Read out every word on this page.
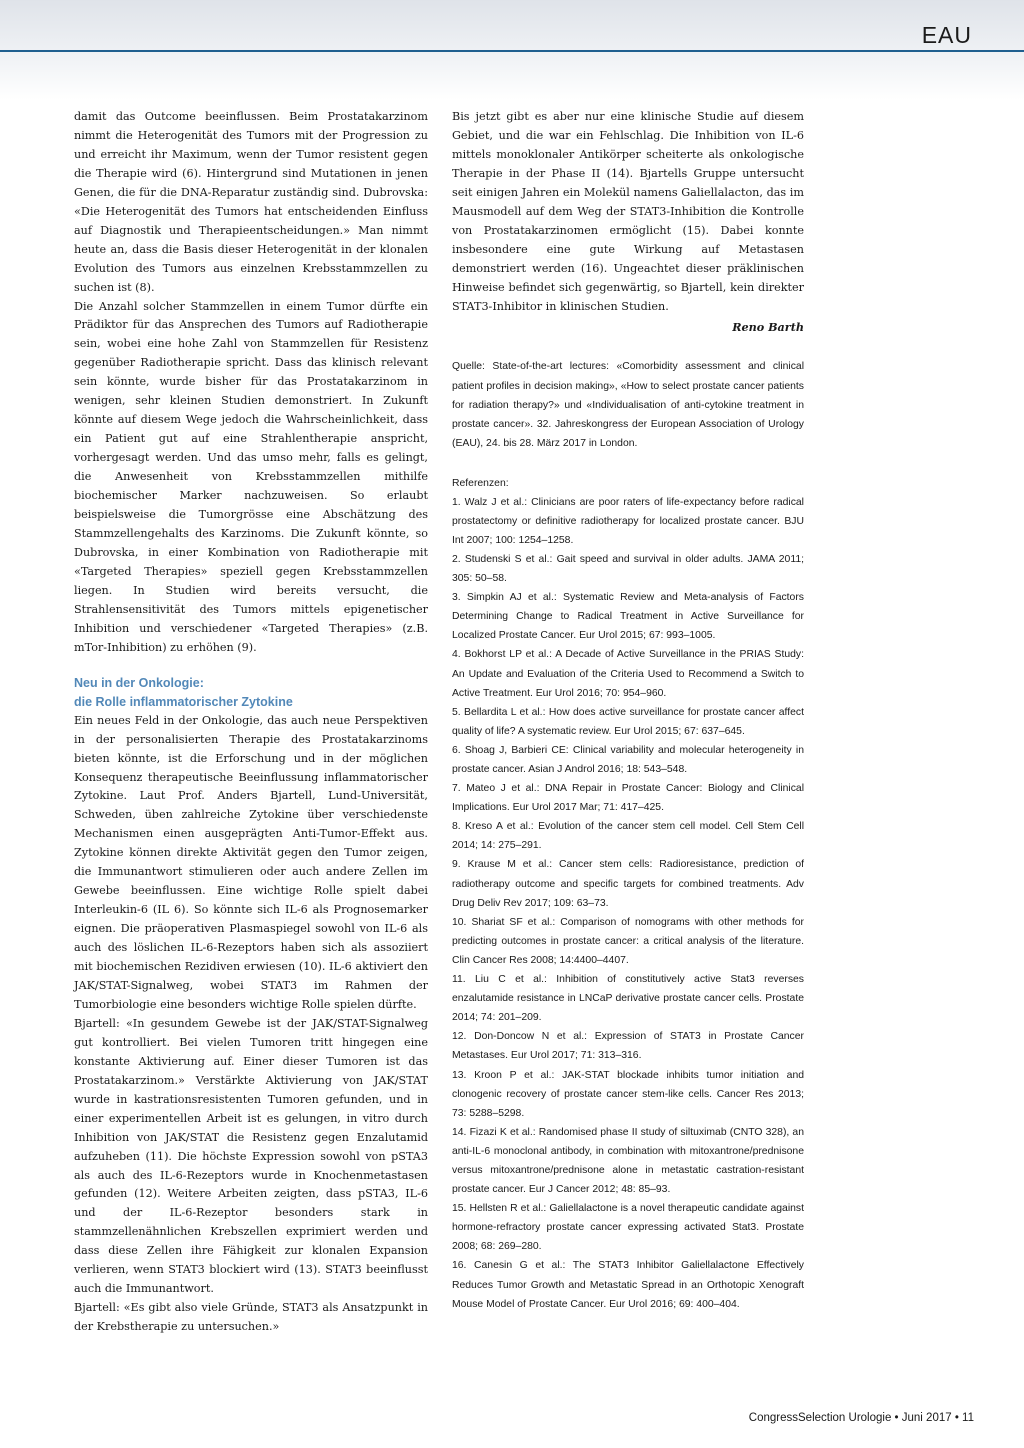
EAU

damit das Outcome beeinflussen. Beim Prostatakarzinom nimmt die Heterogenität des Tumors mit der Progression zu und erreicht ihr Maximum, wenn der Tumor resistent gegen die Therapie wird (6). Hintergrund sind Mutationen in jenen Genen, die für die DNA-Reparatur zuständig sind. Dubrovska: «Die Heterogenität des Tumors hat entscheidenden Einfluss auf Diagnostik und Therapieentscheidungen.» Man nimmt heute an, dass die Basis dieser Heterogenität in der klonalen Evolution des Tumors aus einzelnen Krebsstammzellen zu suchen ist (8).

Die Anzahl solcher Stammzellen in einem Tumor dürfte ein Prädiktor für das Ansprechen des Tumors auf Radiotherapie sein, wobei eine hohe Zahl von Stammzellen für Resistenz gegenüber Radiotherapie spricht. Dass das klinisch relevant sein könnte, wurde bisher für das Prostatakarzinom in wenigen, sehr kleinen Studien demonstriert. In Zukunft könnte auf diesem Wege jedoch die Wahrscheinlichkeit, dass ein Patient gut auf eine Strahlentherapie anspricht, vorhergesagt werden. Und das umso mehr, falls es gelingt, die Anwesenheit von Krebsstammzellen mithilfe biochemischer Marker nachzuweisen. So erlaubt beispielsweise die Tumorgrösse eine Abschätzung des Stammzellengehalts des Karzinoms. Die Zukunft könnte, so Dubrovska, in einer Kombination von Radiotherapie mit «Targeted Therapies» speziell gegen Krebsstammzellen liegen. In Studien wird bereits versucht, die Strahlensensitivität des Tumors mittels epigenetischer Inhibition und verschiedener «Targeted Therapies» (z.B. mTor-Inhibition) zu erhöhen (9).

Neu in der Onkologie:
die Rolle inflammatorischer Zytokine

Ein neues Feld in der Onkologie, das auch neue Perspektiven in der personalisierten Therapie des Prostatakarzinoms bieten könnte, ist die Erforschung und in der möglichen Konsequenz therapeutische Beeinflussung inflammatorischer Zytokine. Laut Prof. Anders Bjartell, Lund-Universität, Schweden, üben zahlreiche Zytokine über verschiedenste Mechanismen einen ausgeprägten Anti-Tumor-Effekt aus. Zytokine können direkte Aktivität gegen den Tumor zeigen, die Immunantwort stimulieren oder auch andere Zellen im Gewebe beeinflussen. Eine wichtige Rolle spielt dabei Interleukin-6 (IL 6). So könnte sich IL-6 als Prognosemarker eignen. Die präoperativen Plasmaspiegel sowohl von IL-6 als auch des löslichen IL-6-Rezeptors haben sich als assoziiert mit biochemischen Rezidiven erwiesen (10). IL-6 aktiviert den JAK/STAT-Signalweg, wobei STAT3 im Rahmen der Tumorbiologie eine besonders wichtige Rolle spielen dürfte.

Bjartell: «In gesundem Gewebe ist der JAK/STAT-Signalweg gut kontrolliert. Bei vielen Tumoren tritt hingegen eine konstante Aktivierung auf. Einer dieser Tumoren ist das Prostatakarzinom.» Verstärkte Aktivierung von JAK/STAT wurde in kastrationsresistenten Tumoren gefunden, und in einer experimentellen Arbeit ist es gelungen, in vitro durch Inhibition von JAK/STAT die Resistenz gegen Enzalutamid aufzuheben (11). Die höchste Expression sowohl von pSTA3 als auch des IL-6-Rezeptors wurde in Knochenmetastasen gefunden (12). Weitere Arbeiten zeigten, dass pSTA3, IL-6 und der IL-6-Rezeptor besonders stark in stammzellenähnlichen Krebszellen exprimiert werden und dass diese Zellen ihre Fähigkeit zur klonalen Expansion verlieren, wenn STAT3 blockiert wird (13). STAT3 beeinflusst auch die Immunantwort.

Bjartell: «Es gibt also viele Gründe, STAT3 als Ansatzpunkt in der Krebstherapie zu untersuchen.»

Bis jetzt gibt es aber nur eine klinische Studie auf diesem Gebiet, und die war ein Fehlschlag. Die Inhibition von IL-6 mittels monoklonaler Antikörper scheiterte als onkologische Therapie in der Phase II (14). Bjartells Gruppe untersucht seit einigen Jahren ein Molekül namens Galiellalacton, das im Mausmodell auf dem Weg der STAT3-Inhibition die Kontrolle von Prostatakarzinomen ermöglicht (15). Dabei konnte insbesondere eine gute Wirkung auf Metastasen demonstriert werden (16). Ungeachtet dieser präklinischen Hinweise befindet sich gegenwärtig, so Bjartell, kein direkter STAT3-Inhibitor in klinischen Studien.

Reno Barth

Quelle: State-of-the-art lectures: «Comorbidity assessment and clinical patient profiles in decision making», «How to select prostate cancer patients for radiation therapy?» und «Individualisation of anti-cytokine treatment in prostate cancer». 32. Jahreskongress der European Association of Urology (EAU), 24. bis 28. März 2017 in London.

Referenzen:

1. Walz J et al.: Clinicians are poor raters of life-expectancy before radical prostatectomy or definitive radiotherapy for localized prostate cancer. BJU Int 2007; 100: 1254–1258.
2. Studenski S et al.: Gait speed and survival in older adults. JAMA 2011; 305: 50–58.
3. Simpkin AJ et al.: Systematic Review and Meta-analysis of Factors Determining Change to Radical Treatment in Active Surveillance for Localized Prostate Cancer. Eur Urol 2015; 67: 993–1005.
4. Bokhorst LP et al.: A Decade of Active Surveillance in the PRIAS Study: An Update and Evaluation of the Criteria Used to Recommend a Switch to Active Treatment. Eur Urol 2016; 70: 954–960.
5. Bellardita L et al.: How does active surveillance for prostate cancer affect quality of life? A systematic review. Eur Urol 2015; 67: 637–645.
6. Shoag J, Barbieri CE: Clinical variability and molecular heterogeneity in prostate cancer. Asian J Androl 2016; 18: 543–548.
7. Mateo J et al.: DNA Repair in Prostate Cancer: Biology and Clinical Implications. Eur Urol 2017 Mar; 71: 417–425.
8. Kreso A et al.: Evolution of the cancer stem cell model. Cell Stem Cell 2014; 14: 275–291.
9. Krause M et al.: Cancer stem cells: Radioresistance, prediction of radiotherapy outcome and specific targets for combined treatments. Adv Drug Deliv Rev 2017; 109: 63–73.
10. Shariat SF et al.: Comparison of nomograms with other methods for predicting outcomes in prostate cancer: a critical analysis of the literature. Clin Cancer Res 2008; 14:4400–4407.
11. Liu C et al.: Inhibition of constitutively active Stat3 reverses enzalutamide resistance in LNCaP derivative prostate cancer cells. Prostate 2014; 74: 201–209.
12. Don-Doncow N et al.: Expression of STAT3 in Prostate Cancer Metastases. Eur Urol 2017; 71: 313–316.
13. Kroon P et al.: JAK-STAT blockade inhibits tumor initiation and clonogenic recovery of prostate cancer stem-like cells. Cancer Res 2013; 73: 5288–5298.
14. Fizazi K et al.: Randomised phase II study of siltuximab (CNTO 328), an anti-IL-6 monoclonal antibody, in combination with mitoxantrone/prednisone versus mitoxantrone/prednisone alone in metastatic castration-resistant prostate cancer. Eur J Cancer 2012; 48: 85–93.
15. Hellsten R et al.: Galiellalactone is a novel therapeutic candidate against hormone-refractory prostate cancer expressing activated Stat3. Prostate 2008; 68: 269–280.
16. Canesin G et al.: The STAT3 Inhibitor Galiellalactone Effectively Reduces Tumor Growth and Metastatic Spread in an Orthotopic Xenograft Mouse Model of Prostate Cancer. Eur Urol 2016; 69: 400–404.
CongressSelection Urologie • Juni 2017 • 11
